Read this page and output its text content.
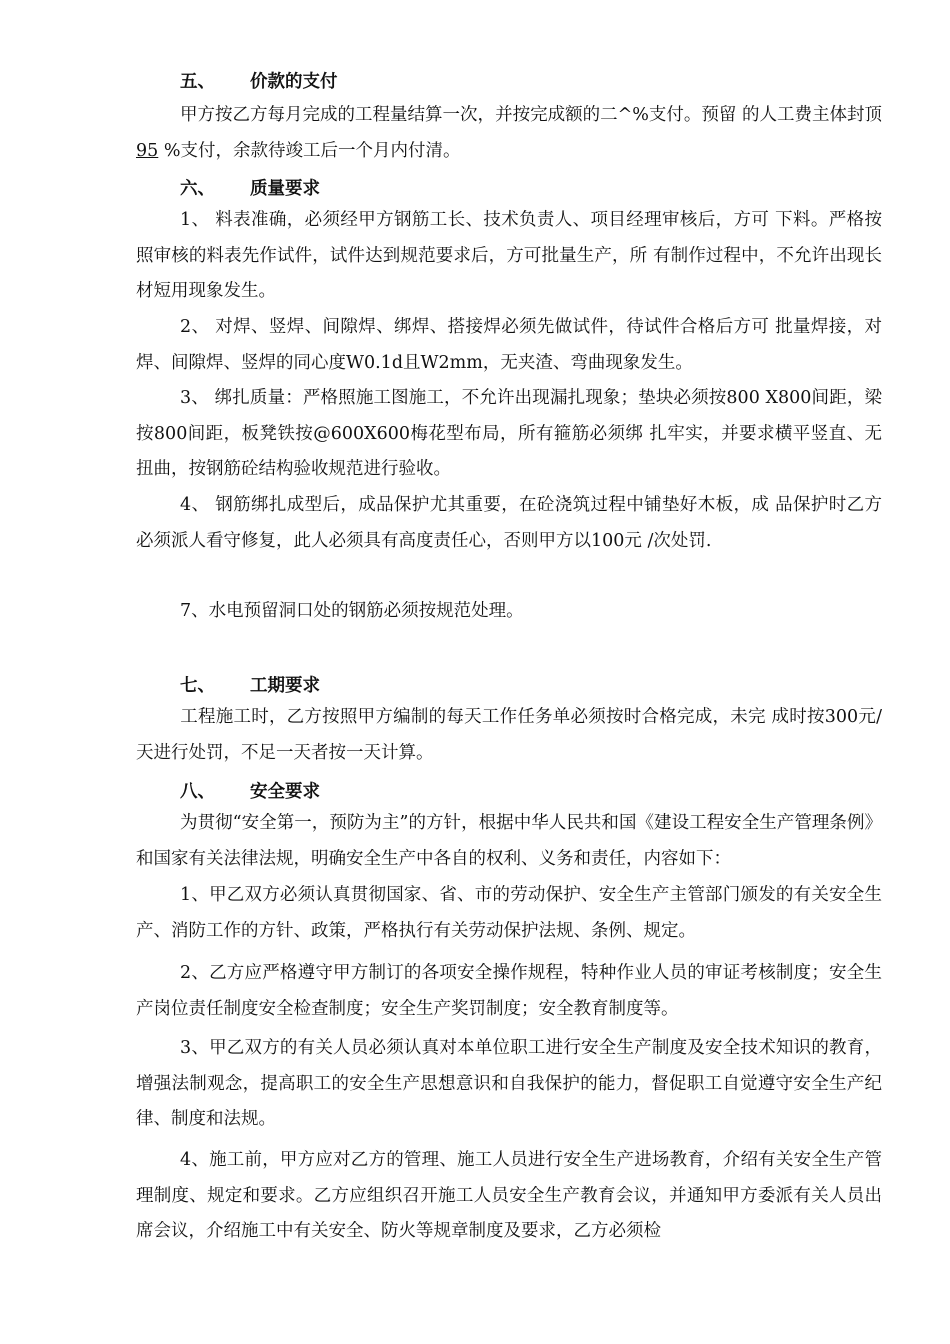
五、 价款的支付
甲方按乙方每月完成的工程量结算一次，并按完成额的二^%支付。预留 的人工费主体封顶95 %支付，余款待竣工后一个月内付清。
六、 质量要求
1、 料表准确，必须经甲方钢筋工长、技术负责人、项目经理审核后，方可 下料。严格按照审核的料表先作试件，试件达到规范要求后，方可批量生产，所 有制作过程中，不允许出现长材短用现象发生。
2、 对焊、竖焊、间隙焊、绑焊、搭接焊必须先做试件，待试件合格后方可 批量焊接，对焊、间隙焊、竖焊的同心度W0.1d且W2mm，无夹渣、弯曲现象发生。
3、 绑扎质量：严格照施工图施工，不允许出现漏扎现象；垫块必须按800 X800间距，梁按800间距，板凳铁按@600X600梅花型布局，所有箍筋必须绑 扎牢实，并要求横平竖直、无扭曲，按钢筋砼结构验收规范进行验收。
4、 钢筋绑扎成型后，成品保护尤其重要，在砼浇筑过程中铺垫好木板，成 品保护时乙方必须派人看守修复，此人必须具有高度责任心，否则甲方以100元 /次处罚.
7、水电预留洞口处的钢筋必须按规范处理。
七、 工期要求
工程施工时，乙方按照甲方编制的每天工作任务单必须按时合格完成，未完 成时按300元/天进行处罚，不足一天者按一天计算。
八、 安全要求
为贯彻“安全第一，预防为主”的方针，根据中华人民共和国《建设工程安全生产管理条例》和国家有关法律法规，明确安全生产中各自的权利、义务和责任，内容如下：
1、甲乙双方必须认真贯彻国家、省、市的劳动保护、安全生产主管部门颁发的有关安全生产、消防工作的方针、政策，严格执行有关劳动保护法规、条例、规定。
2、乙方应严格遵守甲方制订的各项安全操作规程，特种作业人员的审证考核制度；安全生产岗位责任制度安全检查制度；安全生产奖罚制度；安全教育制度等。
3、甲乙双方的有关人员必须认真对本单位职工进行安全生产制度及安全技术知识的教育，增强法制观念，提高职工的安全生产思想意识和自我保护的能力，督促职工自觉遵守安全生产纪律、制度和法规。
4、施工前，甲方应对乙方的管理、施工人员进行安全生产进场教育，介绍有关安全生产管理制度、规定和要求。乙方应组织召开施工人员安全生产教育会议，并通知甲方委派有关人员出席会议，介绍施工中有关安全、防火等规章制度及要求，乙方必须检
